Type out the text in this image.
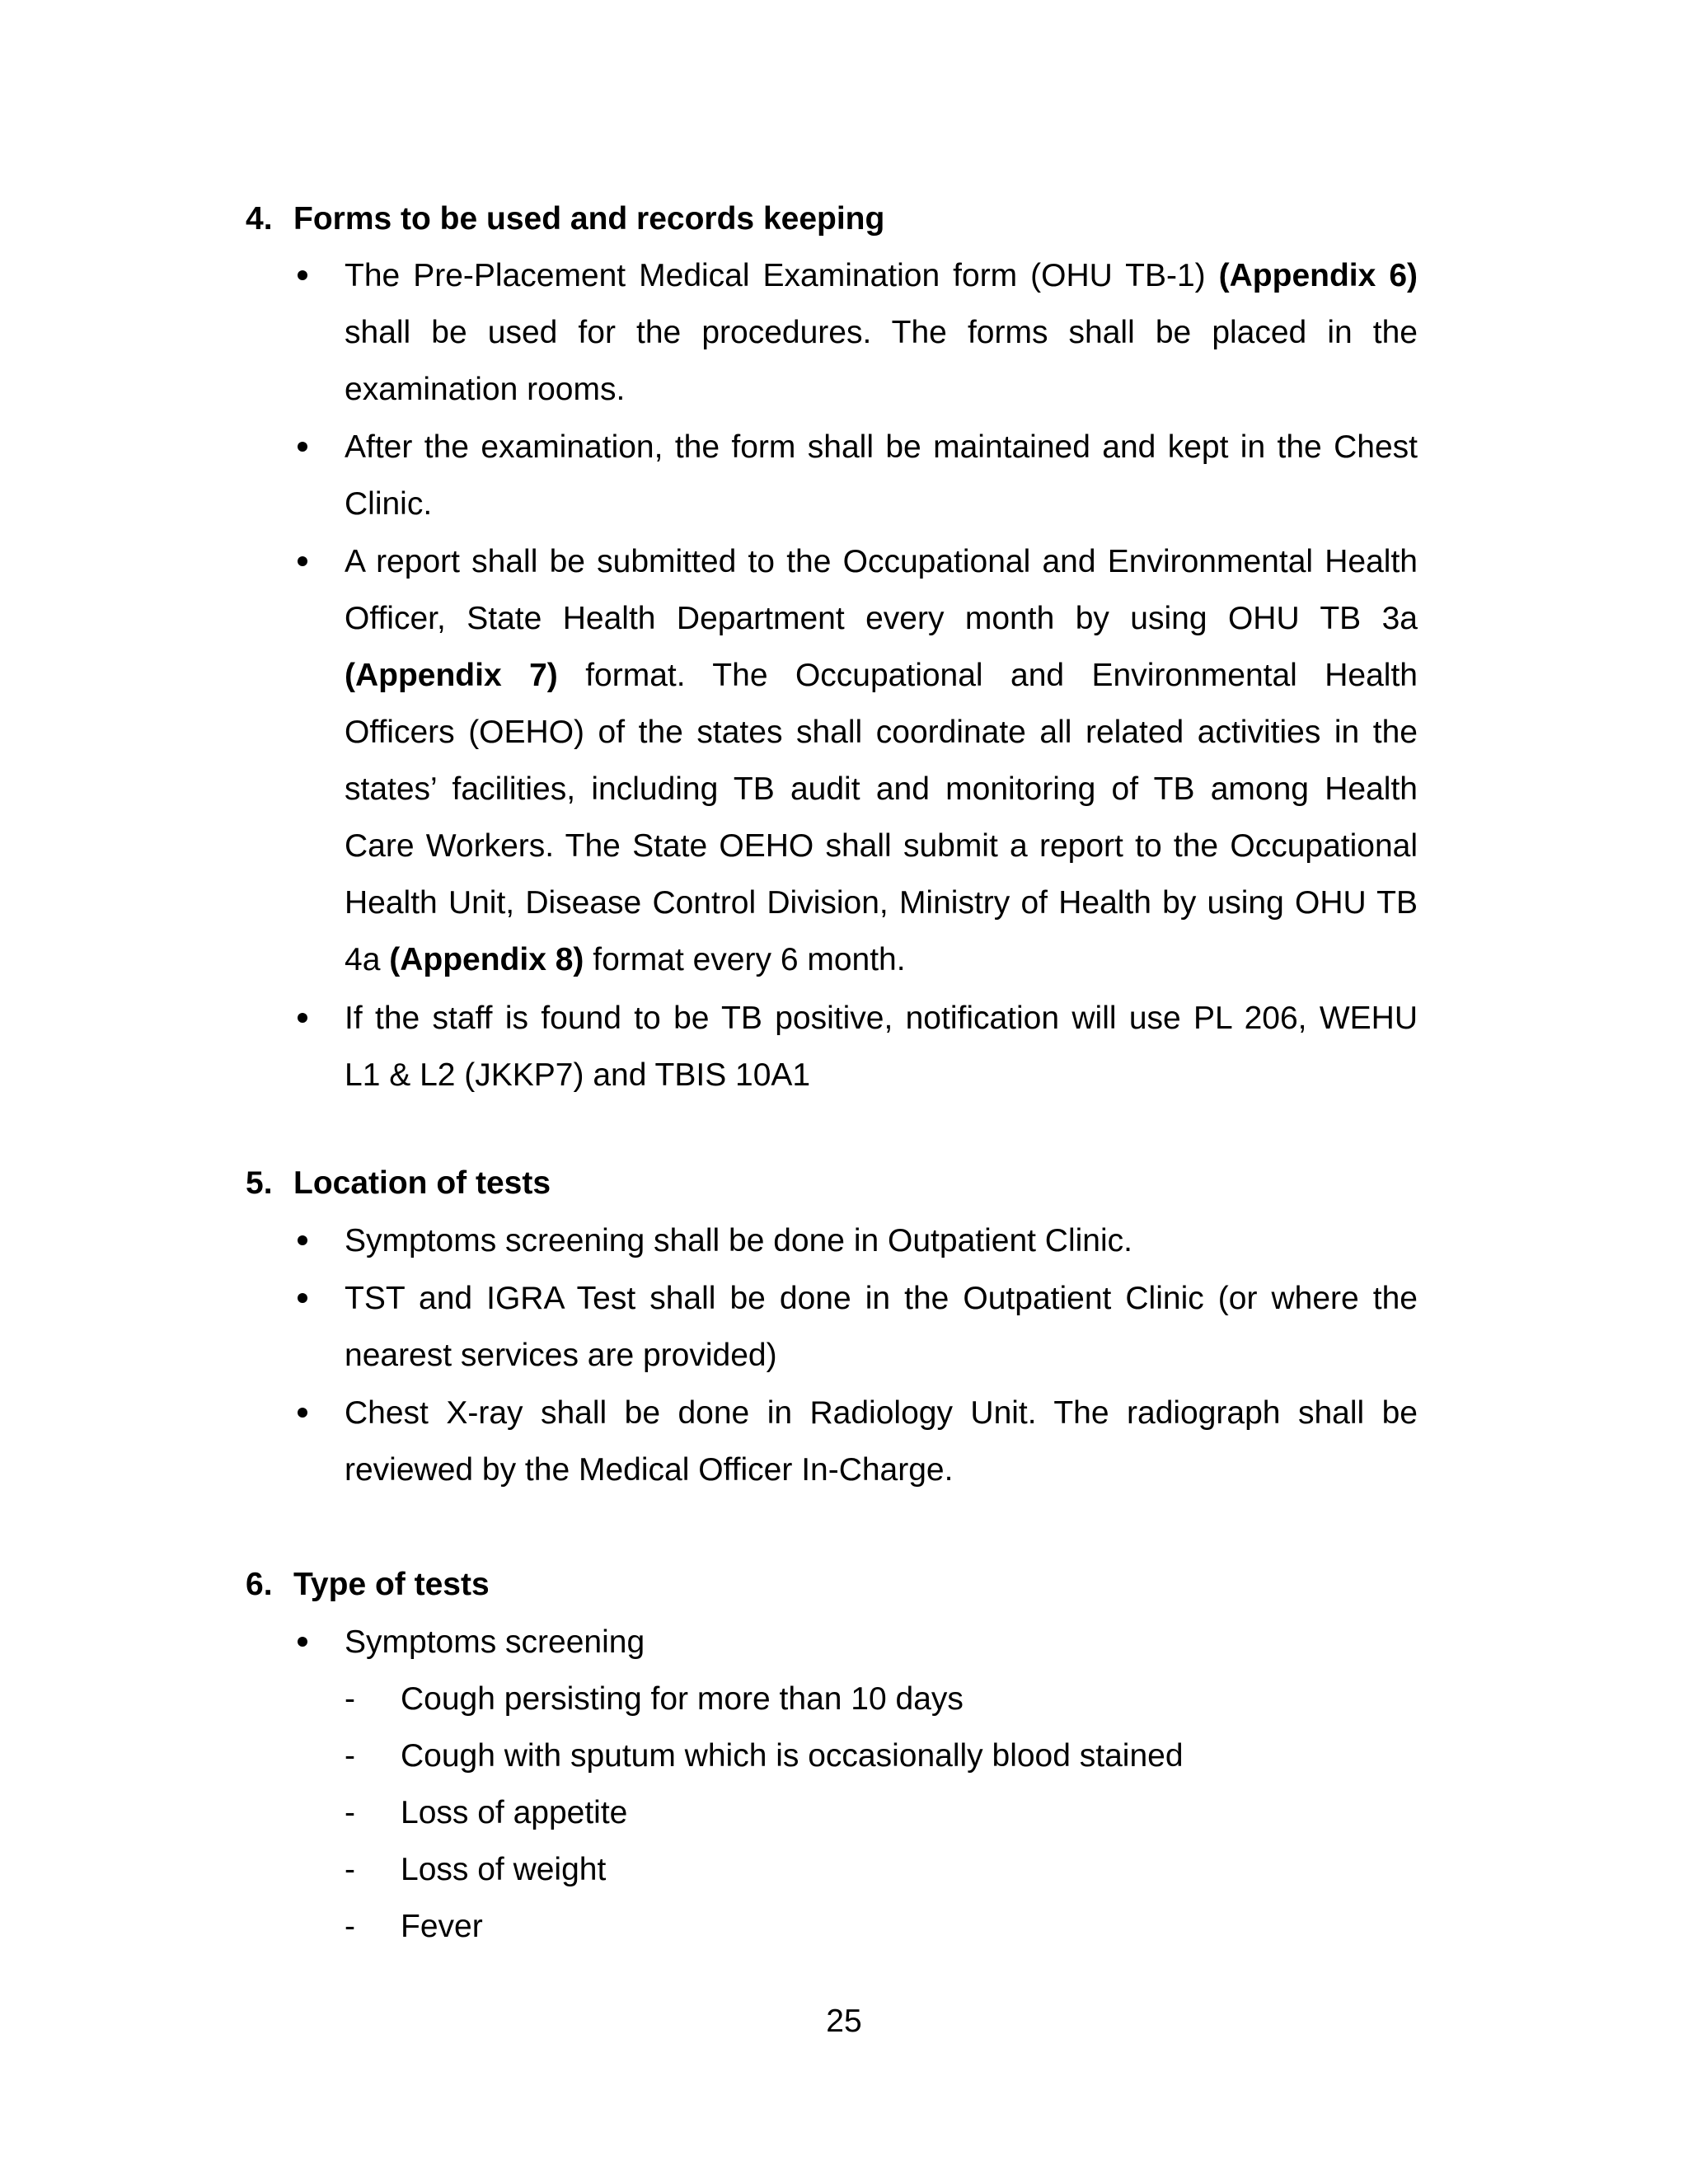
4. Forms to be used and records keeping
The Pre-Placement Medical Examination form (OHU TB-1) (Appendix 6)
shall be used for the procedures. The forms shall be placed in the
examination rooms.
After the examination, the form shall be maintained and kept in the Chest
Clinic.
A report shall be submitted to the Occupational and Environmental Health
Officer, State Health Department every month by using OHU TB 3a
(Appendix 7) format. The Occupational and Environmental Health
Officers (OEHO) of the states shall coordinate all related activities in the
states’ facilities, including TB audit and monitoring of TB among Health
Care Workers. The State OEHO shall submit a report to the Occupational
Health Unit, Disease Control Division, Ministry of Health by using OHU TB
4a (Appendix 8) format every 6 month.
If the staff is found to be TB positive, notification will use PL 206, WEHU
L1 & L2 (JKKP7) and TBIS 10A1
5. Location of tests
Symptoms screening shall be done in Outpatient Clinic.
TST and IGRA Test shall be done in the Outpatient Clinic (or where the
nearest services are provided)
Chest X-ray shall be done in Radiology Unit. The radiograph shall be
reviewed by the Medical Officer In-Charge.
6. Type of tests
Symptoms screening
- Cough persisting for more than 10 days
- Cough with sputum which is occasionally blood stained
- Loss of appetite
- Loss of weight
- Fever
25
